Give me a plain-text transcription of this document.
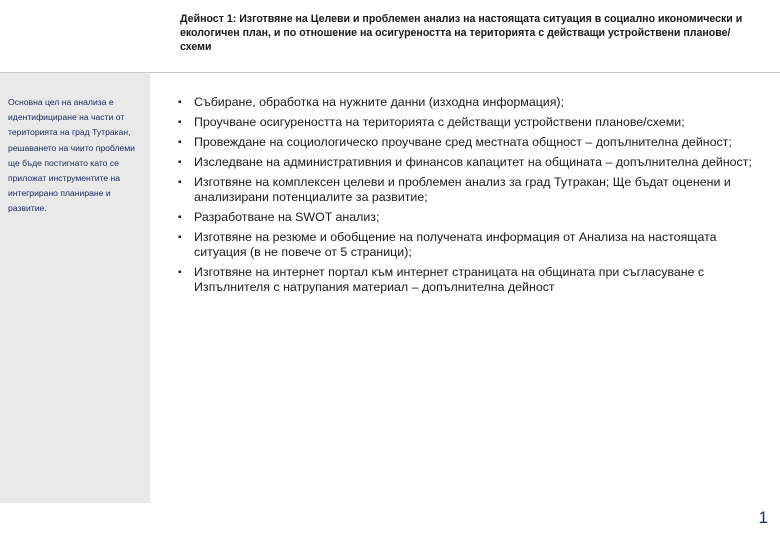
Дейност 1: Изготвяне на Целеви и проблемен анализ на настоящата ситуация в социално икономически и екологичен план, и по отношение на осигуреността на територията с действащи устройствени планове/схеми
Основна цел на анализа е идентифициране на части от територията на град Тутракан, решаването на чиито проблеми ще бъде постигнато като се приложат инструментите на интегрирано планиране и развитие.
▪ Събиране, обработка на нужните данни (изходна информация);
▪ Проучване осигуреността на територията с действащи устройствени планове/схеми;
▪ Провеждане на социологическо проучване сред местната общност – допълнителна дейност;
▪ Изследване на административния и финансов капацитет на общината – допълнителна дейност;
▪ Изготвяне на комплексен целеви и проблемен анализ за град Тутракан; Ще бъдат оценени и анализирани потенциалите за развитие;
▪ Разработване на SWOT анализ;
▪ Изготвяне на резюме и обобщение на получената информация от Анализа на настоящата ситуация (в не повече от 5 страници);
▪ Изготвяне на интернет портал към интернет страницата на общината при съгласуване с Изпълнителя с натрупания материал – допълнителна дейност
1
